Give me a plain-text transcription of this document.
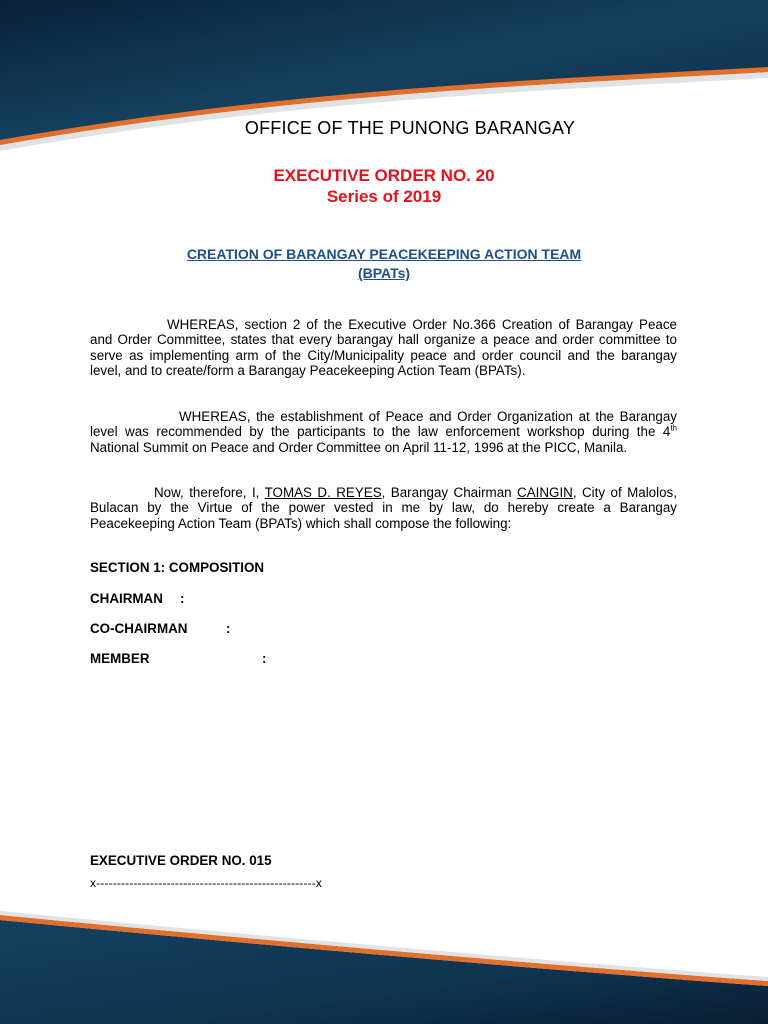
OFFICE OF THE PUNONG BARANGAY
EXECUTIVE ORDER NO. 20
Series of 2019
CREATION OF BARANGAY PEACEKEEPING ACTION TEAM
(BPATs)
WHEREAS, section 2 of the Executive Order No.366 Creation of Barangay Peace and Order Committee, states that every barangay hall organize a peace and order committee to serve as implementing arm of the City/Municipality peace and order council and the barangay level, and to create/form a Barangay Peacekeeping Action Team (BPATs).
WHEREAS, the establishment of Peace and Order Organization at the Barangay level was recommended by the participants to the law enforcement workshop during the 4th National Summit on Peace and Order Committee on April 11-12, 1996 at the PICC, Manila.
Now, therefore, I, TOMAS D. REYES, Barangay Chairman CAINGIN, City of Malolos, Bulacan by the Virtue of the power vested in me by law, do hereby create a Barangay Peacekeeping Action Team (BPATs) which shall compose the following:
SECTION 1: COMPOSITION
CHAIRMAN :
CO-CHAIRMAN	:
MEMBER	:
EXECUTIVE ORDER NO. 015
x-----------------------------------------------------x
